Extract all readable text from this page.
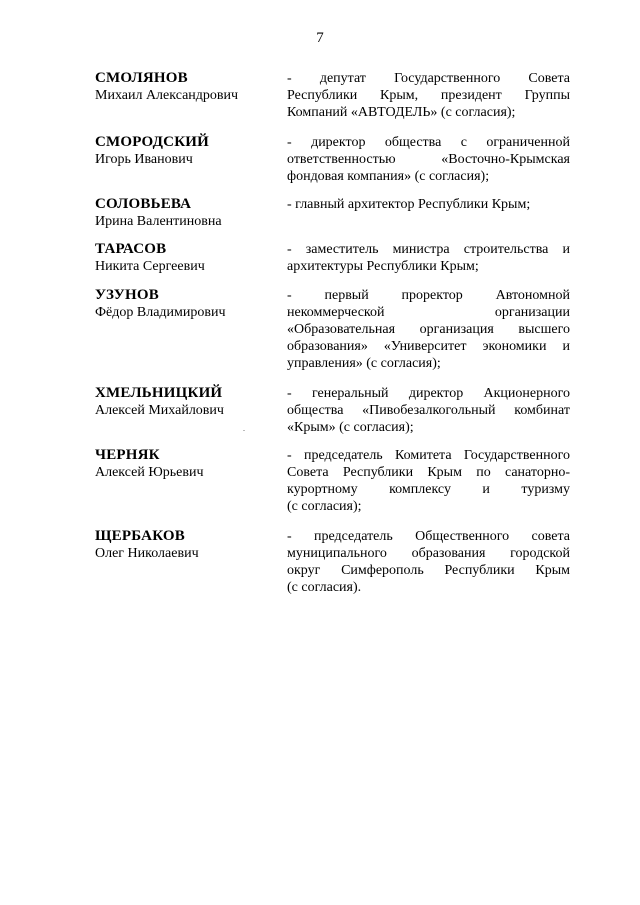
7
СМОЛЯНОВ
Михаил Александрович
- депутат Государственного Совета
Республики Крым, президент Группы
Компаний «АВТОДЕЛЬ» (с согласия);
СМОРОДСКИЙ
Игорь Иванович
- директор общества с ограниченной
ответственностью «Восточно-Крымская
фондовая компания» (с согласия);
СОЛОВЬЕВА
Ирина Валентиновна
- главный архитектор Республики Крым;
ТАРАСОВ
Никита Сергеевич
- заместитель министра строительства и
архитектуры Республики Крым;
УЗУНОВ
Фёдор Владимирович
- первый проректор Автономной
некоммерческой организации
«Образовательная организация высшего
образования» «Университет экономики и
управления» (с согласия);
ХМЕЛЬНИЦКИЙ
Алексей Михайлович
- генеральный директор Акционерного
общества «Пивобезалкогольный комбинат
«Крым» (с согласия);
ЧЕРНЯК
Алексей Юрьевич
- председатель Комитета Государственного
Совета Республики Крым по санаторно-
курортному комплексу и туризму
(с согласия);
ЩЕРБАКОВ
Олег Николаевич
- председатель Общественного совета
муниципального образования городской
округ Симферополь Республики Крым
(с согласия).
